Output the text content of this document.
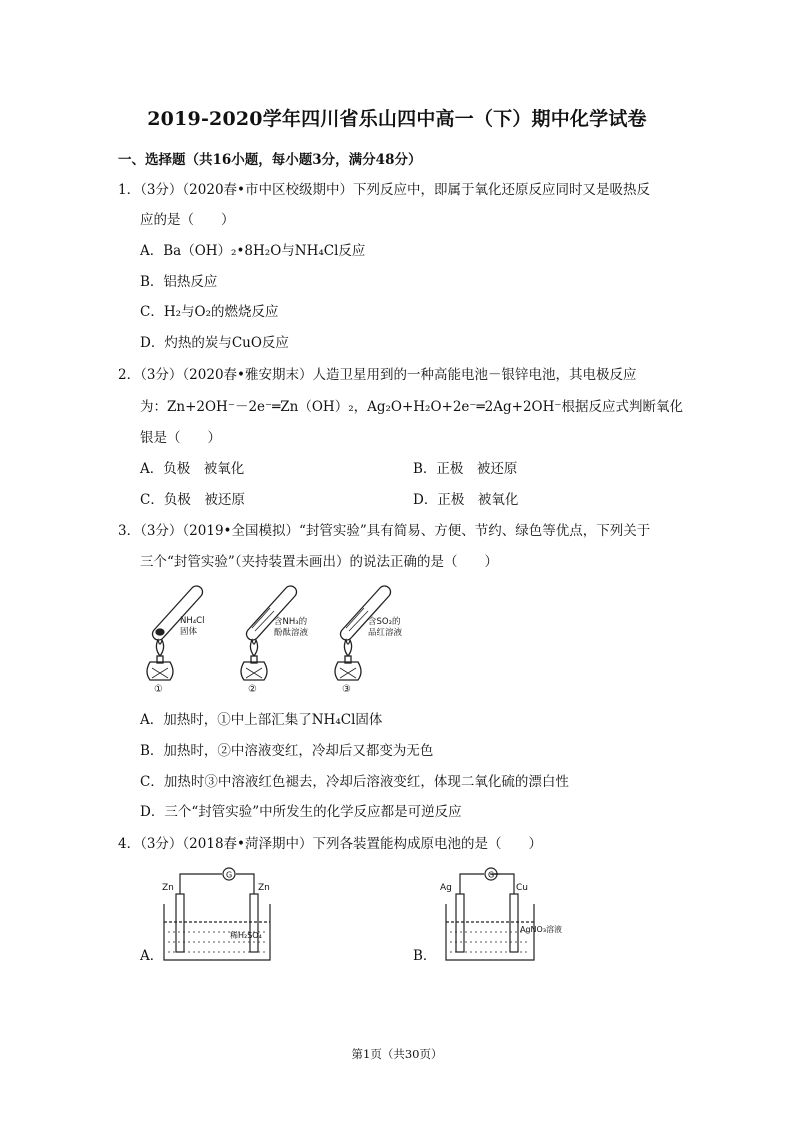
2019-2020学年四川省乐山四中高一（下）期中化学试卷
一、选择题（共16小题，每小题3分，满分48分）
1．（3分）（2020春•市中区校级期中）下列反应中，即属于氧化还原反应同时又是吸热反
应的是（　　）
A．Ba（OH）₂•8H₂O与NH₄Cl反应
B．铝热反应
C．H₂与O₂的燃烧反应
D．灼热的炭与CuO反应
2．（3分）（2020春•雅安期末）人造卫星用到的一种高能电池－银锌电池，其电极反应
为：Zn+2OH⁻－2e⁻═Zn（OH）₂，Ag₂O+H₂O+2e⁻═2Ag+2OH⁻根据反应式判断氧化
银是（　　）
A．负极　被氧化	B．正极　被还原
C．负极　被还原	D．正极　被氧化
3．（3分）（2019•全国模拟）“封管实验”具有简易、方便、节约、绿色等优点，下列关于
三个“封管实验”（夹持装置未画出）的说法正确的是（　　）
NH₄Cl
固体
含NH₃的
酚酞溶液
含SO₂的
品红溶液
①	②	③
A．加热时，①中上部汇集了NH₄Cl固体
B．加热时，②中溶液变红，冷却后又都变为无色
C．加热时③中溶液红色褪去，冷却后溶液变红，体现二氧化硫的漂白性
D．三个“封管实验”中所发生的化学反应都是可逆反应
4．（3分）（2018春•菏泽期中）下列各装置能构成原电池的是（　　）
A．
G
Zn	Zn
稀H₂SO₄
B．
G
Ag	Cu
AgNO₃溶液
第1页（共30页）
